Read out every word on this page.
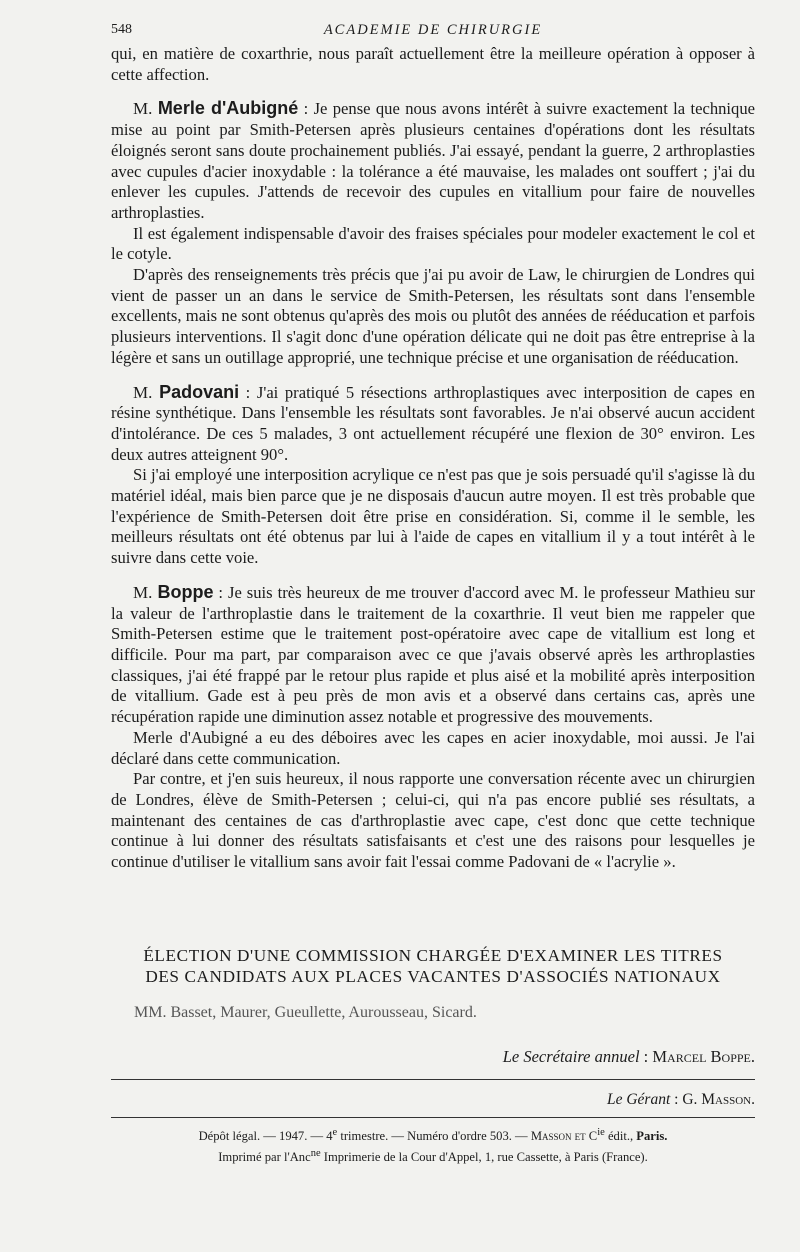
548	ACADEMIE DE CHIRURGIE

qui, en matière de coxarthrie, nous paraît actuellement être la meilleure opération à opposer à cette affection.

M. Merle d'Aubigné : Je pense que nous avons intérêt à suivre exactement la technique mise au point par Smith-Petersen après plusieurs centaines d'opérations dont les résultats éloignés seront sans doute prochainement publiés. J'ai essayé, pendant la guerre, 2 arthroplasties avec cupules d'acier inoxydable : la tolérance a été mauvaise, les malades ont souffert ; j'ai du enlever les cupules. J'attends de recevoir des cupules en vitallium pour faire de nouvelles arthroplasties.

Il est également indispensable d'avoir des fraises spéciales pour modeler exactement le col et le cotyle.

D'après des renseignements très précis que j'ai pu avoir de Law, le chirurgien de Londres qui vient de passer un an dans le service de Smith-Petersen, les résultats sont dans l'ensemble excellents, mais ne sont obtenus qu'après des mois ou plutôt des années de rééducation et parfois plusieurs interventions. Il s'agit donc d'une opération délicate qui ne doit pas être entreprise à la légère et sans un outillage approprié, une technique précise et une organisation de rééducation.

M. Padovani : J'ai pratiqué 5 résections arthroplastiques avec interposition de capes en résine synthétique. Dans l'ensemble les résultats sont favorables. Je n'ai observé aucun accident d'intolérance. De ces 5 malades, 3 ont actuellement récupéré une flexion de 30° environ. Les deux autres atteignent 90°.

Si j'ai employé une interposition acrylique ce n'est pas que je sois persuadé qu'il s'agisse là du matériel idéal, mais bien parce que je ne disposais d'aucun autre moyen. Il est très probable que l'expérience de Smith-Petersen doit être prise en considération. Si, comme il le semble, les meilleurs résultats ont été obtenus par lui à l'aide de capes en vitallium il y a tout intérêt à le suivre dans cette voie.

M. Boppe : Je suis très heureux de me trouver d'accord avec M. le professeur Mathieu sur la valeur de l'arthroplastie dans le traitement de la coxarthrie. Il veut bien me rappeler que Smith-Petersen estime que le traitement post-opératoire avec cape de vitallium est long et difficile. Pour ma part, par comparaison avec ce que j'avais observé après les arthroplasties classiques, j'ai été frappé par le retour plus rapide et plus aisé et la mobilité après interposition de vitallium. Gade est à peu près de mon avis et a observé dans certains cas, après une récupération rapide une diminution assez notable et progressive des mouvements.

Merle d'Aubigné a eu des déboires avec les capes en acier inoxydable, moi aussi. Je l'ai déclaré dans cette communication.

Par contre, et j'en suis heureux, il nous rapporte une conversation récente avec un chirurgien de Londres, élève de Smith-Petersen ; celui-ci, qui n'a pas encore publié ses résultats, a maintenant des centaines de cas d'arthroplastie avec cape, c'est donc que cette technique continue à lui donner des résultats satisfaisants et c'est une des raisons pour lesquelles je continue d'utiliser le vitallium sans avoir fait l'essai comme Padovani de « l'acrylie ».

ÉLECTION D'UNE COMMISSION CHARGÉE D'EXAMINER LES TITRES
DES CANDIDATS AUX PLACES VACANTES D'ASSOCIÉS NATIONAUX
MM. Basset, Maurer, Gueullette, Aurousseau, Sicard.
Le Secrétaire annuel : Marcel Boppe.
Le Gérant : G. Masson.
Dépôt légal. — 1947. — 4e trimestre. — Numéro d'ordre 503. — Masson et $C^{ie}$ édit., Paris.
Imprimé par l'Anc$^{ne}$ Imprimerie de la Cour d'Appel, 1, rue Cassette, à Paris (France).
